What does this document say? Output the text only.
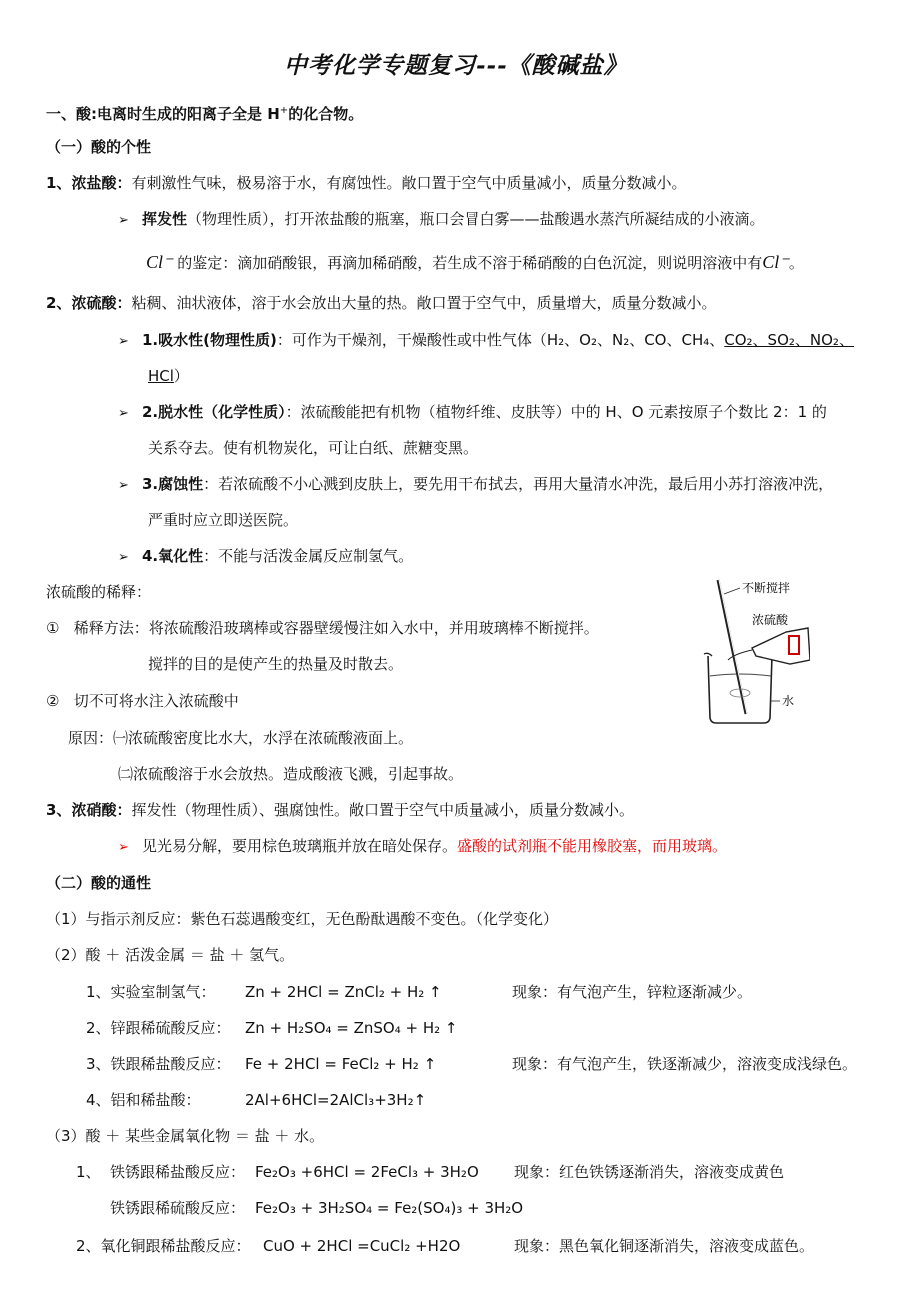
中考化学专题复习---《酸碱盐》
一、酸:电离时生成的阳离子全是 H+的化合物。
（一）酸的个性
1、浓盐酸：有刺激性气味，极易溶于水，有腐蚀性。敞口置于空气中质量减小，质量分数减小。
➢ 挥发性（物理性质），打开浓盐酸的瓶塞，瓶口会冒白雾——盐酸遇水蒸汽所凝结成的小液滴。
Cl⁻ 的鉴定：滴加硝酸银，再滴加稀硝酸，若生成不溶于稀硝酸的白色沉淀，则说明溶液中有Cl⁻。
2、浓硫酸：粘稠、油状液体，溶于水会放出大量的热。敞口置于空气中，质量增大，质量分数减小。
➢ 1.吸水性(物理性质)：可作为干燥剂，干燥酸性或中性气体（H₂、O₂、N₂、CO、CH₄、CO₂、SO₂、NO₂、
HCl）
➢ 2.脱水性（化学性质）：浓硫酸能把有机物（植物纤维、皮肤等）中的 H、O 元素按原子个数比 2：1 的
关系夺去。使有机物炭化，可让白纸、蔗糖变黑。
➢ 3.腐蚀性：若浓硫酸不小心溅到皮肤上，要先用干布拭去，再用大量清水冲洗，最后用小苏打溶液冲洗，
严重时应立即送医院。
➢ 4.氧化性：不能与活泼金属反应制氢气。
浓硫酸的稀释：
① 稀释方法：将浓硫酸沿玻璃棒或容器壁缓慢注如入水中，并用玻璃棒不断搅拌。
搅拌的目的是使产生的热量及时散去。
② 切不可将水注入浓硫酸中
原因：㈠浓硫酸密度比水大，水浮在浓硫酸液面上。
㈡浓硫酸溶于水会放热。造成酸液飞溅，引起事故。
不断搅拌
浓硫酸
水
3、浓硝酸：挥发性（物理性质）、强腐蚀性。敞口置于空气中质量减小，质量分数减小。
➢ 见光易分解，要用棕色玻璃瓶并放在暗处保存。盛酸的试剂瓶不能用橡胶塞，而用玻璃。
（二）酸的通性
（1）与指示剂反应：紫色石蕊遇酸变红，无色酚酞遇酸不变色。（化学变化）
（2）酸 ＋ 活泼金属 ＝ 盐 ＋ 氢气。
1、实验室制氢气： Zn + 2HCl = ZnCl₂ + H₂ ↑	现象：有气泡产生，锌粒逐渐减少。
2、锌跟稀硫酸反应： Zn + H₂SO₄ = ZnSO₄ + H₂ ↑
3、铁跟稀盐酸反应： Fe + 2HCl = FeCl₂ + H₂ ↑	现象：有气泡产生，铁逐渐减少，溶液变成浅绿色。
4、铝和稀盐酸：	2Al+6HCl=2AlCl₃+3H₂↑
（3）酸 ＋ 某些金属氧化物 ＝ 盐 ＋ 水。
1、 铁锈跟稀盐酸反应： Fe₂O₃ +6HCl = 2FeCl₃ + 3H₂O 现象：红色铁锈逐渐消失，溶液变成黄色
铁锈跟稀硫酸反应： Fe₂O₃ + 3H₂SO₄ = Fe₂(SO₄)₃ + 3H₂O
2、氧化铜跟稀盐酸反应： CuO + 2HCl =CuCl₂ +H2O	现象：黑色氧化铜逐渐消失，溶液变成蓝色。
